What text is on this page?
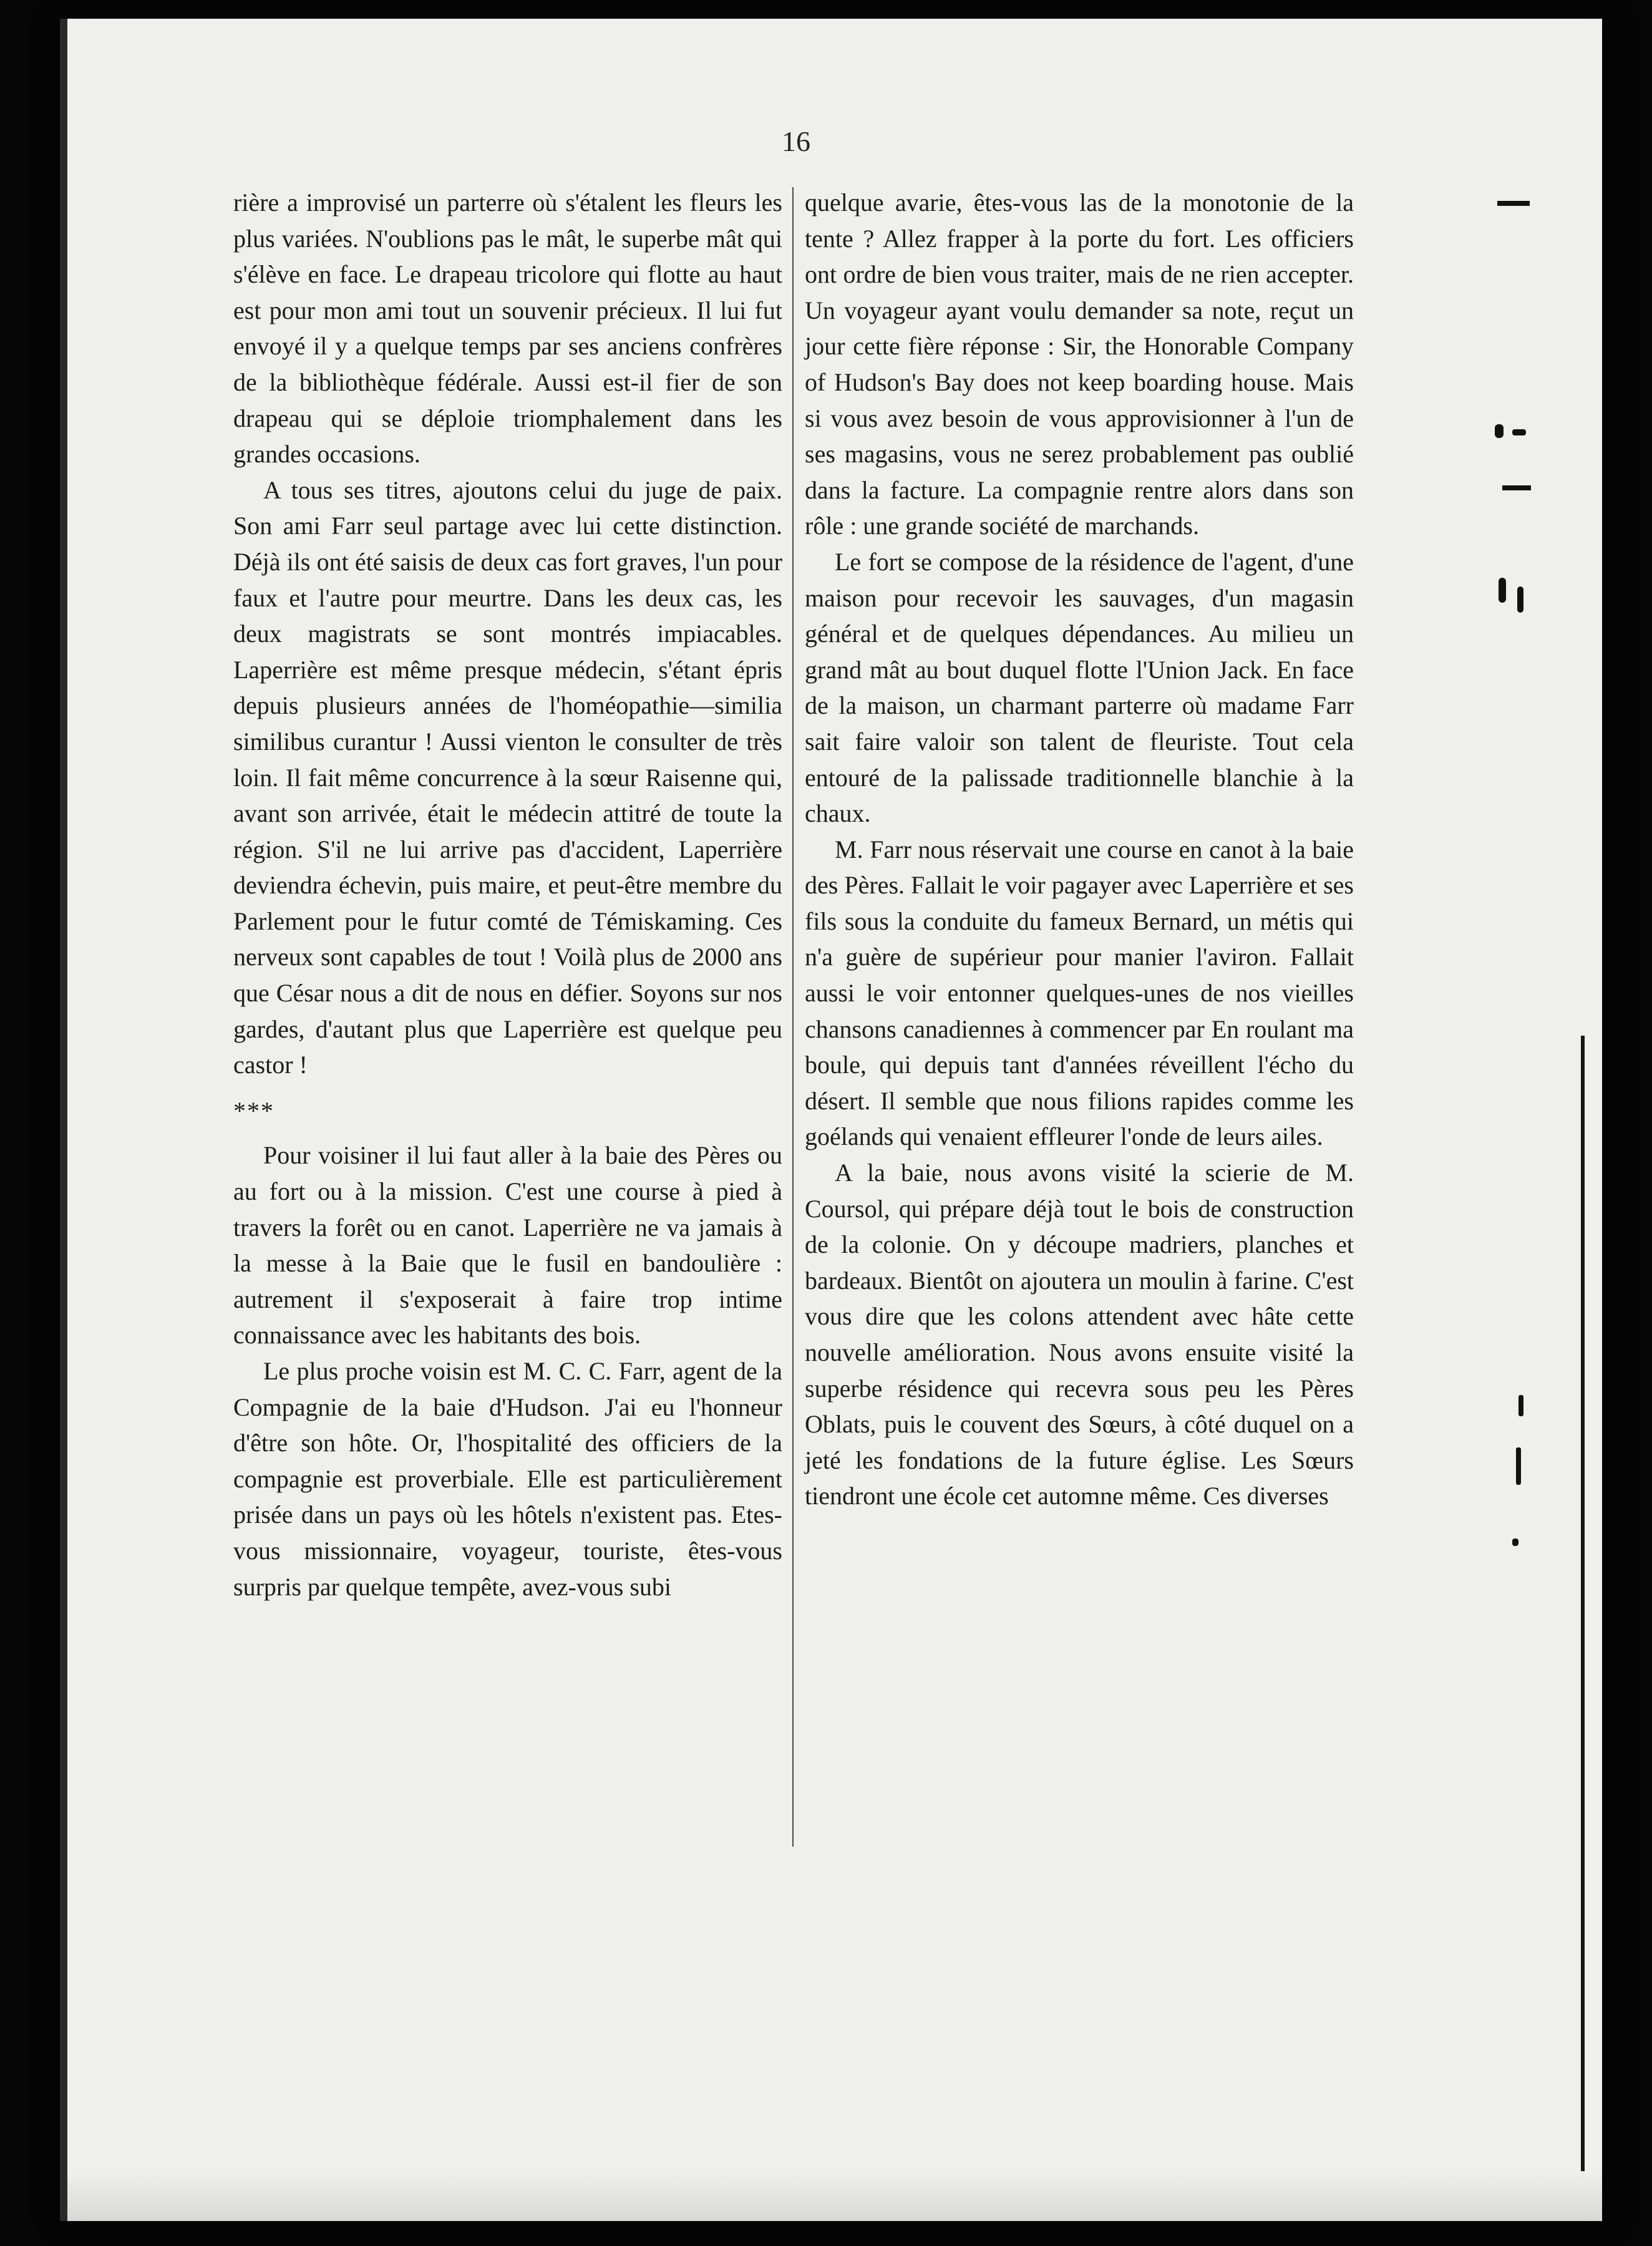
16

rière a improvisé un parterre où s'étalent les fleurs les plus variées. N'oublions pas le mât, le superbe mât qui s'élève en face. Le drapeau tricolore qui flotte au haut est pour mon ami tout un souvenir précieux. Il lui fut envoyé il y a quelque temps par ses anciens confrères de la bibliothèque fédérale. Aussi est-il fier de son drapeau qui se déploie triomphalement dans les grandes occasions.

A tous ses titres, ajoutons celui du juge de paix. Son ami Farr seul partage avec lui cette distinction. Déjà ils ont été saisis de deux cas fort graves, l'un pour faux et l'autre pour meurtre. Dans les deux cas, les deux magistrats se sont montrés impiacables. Laperrière est même presque médecin, s'étant épris depuis plusieurs années de l'homéopathie—similia similibus curantur ! Aussi vienton le consulter de très loin. Il fait même concurrence à la sœur Raisenne qui, avant son arrivée, était le médecin attitré de toute la région. S'il ne lui arrive pas d'accident, Laperrière deviendra échevin, puis maire, et peut-être membre du Parlement pour le futur comté de Témiskaming. Ces nerveux sont capables de tout ! Voilà plus de 2000 ans que César nous a dit de nous en défier. Soyons sur nos gardes, d'autant plus que Laperrière est quelque peu castor !

***

Pour voisiner il lui faut aller à la baie des Pères ou au fort ou à la mission. C'est une course à pied à travers la forêt ou en canot. Laperrière ne va jamais à la messe à la Baie que le fusil en bandoulière : autrement il s'exposerait à faire trop intime connaissance avec les habitants des bois.

Le plus proche voisin est M. C. C. Farr, agent de la Compagnie de la baie d'Hudson. J'ai eu l'honneur d'être son hôte. Or, l'hospitalité des officiers de la compagnie est proverbiale. Elle est particulièrement prisée dans un pays où les hôtels n'existent pas. Etes-vous missionnaire, voyageur, touriste, êtes-vous surpris par quelque tempête, avez-vous subi

quelque avarie, êtes-vous las de la monotonie de la tente ? Allez frapper à la porte du fort. Les officiers ont ordre de bien vous traiter, mais de ne rien accepter. Un voyageur ayant voulu demander sa note, reçut un jour cette fière réponse : Sir, the Honorable Company of Hudson's Bay does not keep boarding house. Mais si vous avez besoin de vous approvisionner à l'un de ses magasins, vous ne serez probablement pas oublié dans la facture. La compagnie rentre alors dans son rôle : une grande société de marchands.

Le fort se compose de la résidence de l'agent, d'une maison pour recevoir les sauvages, d'un magasin général et de quelques dépendances. Au milieu un grand mât au bout duquel flotte l'Union Jack. En face de la maison, un charmant parterre où madame Farr sait faire valoir son talent de fleuriste. Tout cela entouré de la palissade traditionnelle blanchie à la chaux.

M. Farr nous réservait une course en canot à la baie des Pères. Fallait le voir pagayer avec Laperrière et ses fils sous la conduite du fameux Bernard, un métis qui n'a guère de supérieur pour manier l'aviron. Fallait aussi le voir entonner quelques-unes de nos vieilles chansons canadiennes à commencer par En roulant ma boule, qui depuis tant d'années réveillent l'écho du désert. Il semble que nous filions rapides comme les goélands qui venaient effleurer l'onde de leurs ailes.

A la baie, nous avons visité la scierie de M. Coursol, qui prépare déjà tout le bois de construction de la colonie. On y découpe madriers, planches et bardeaux. Bientôt on ajoutera un moulin à farine. C'est vous dire que les colons attendent avec hâte cette nouvelle amélioration. Nous avons ensuite visité la superbe résidence qui recevra sous peu les Pères Oblats, puis le couvent des Sœurs, à côté duquel on a jeté les fondations de la future église. Les Sœurs tiendront une école cet automne même. Ces diverses
